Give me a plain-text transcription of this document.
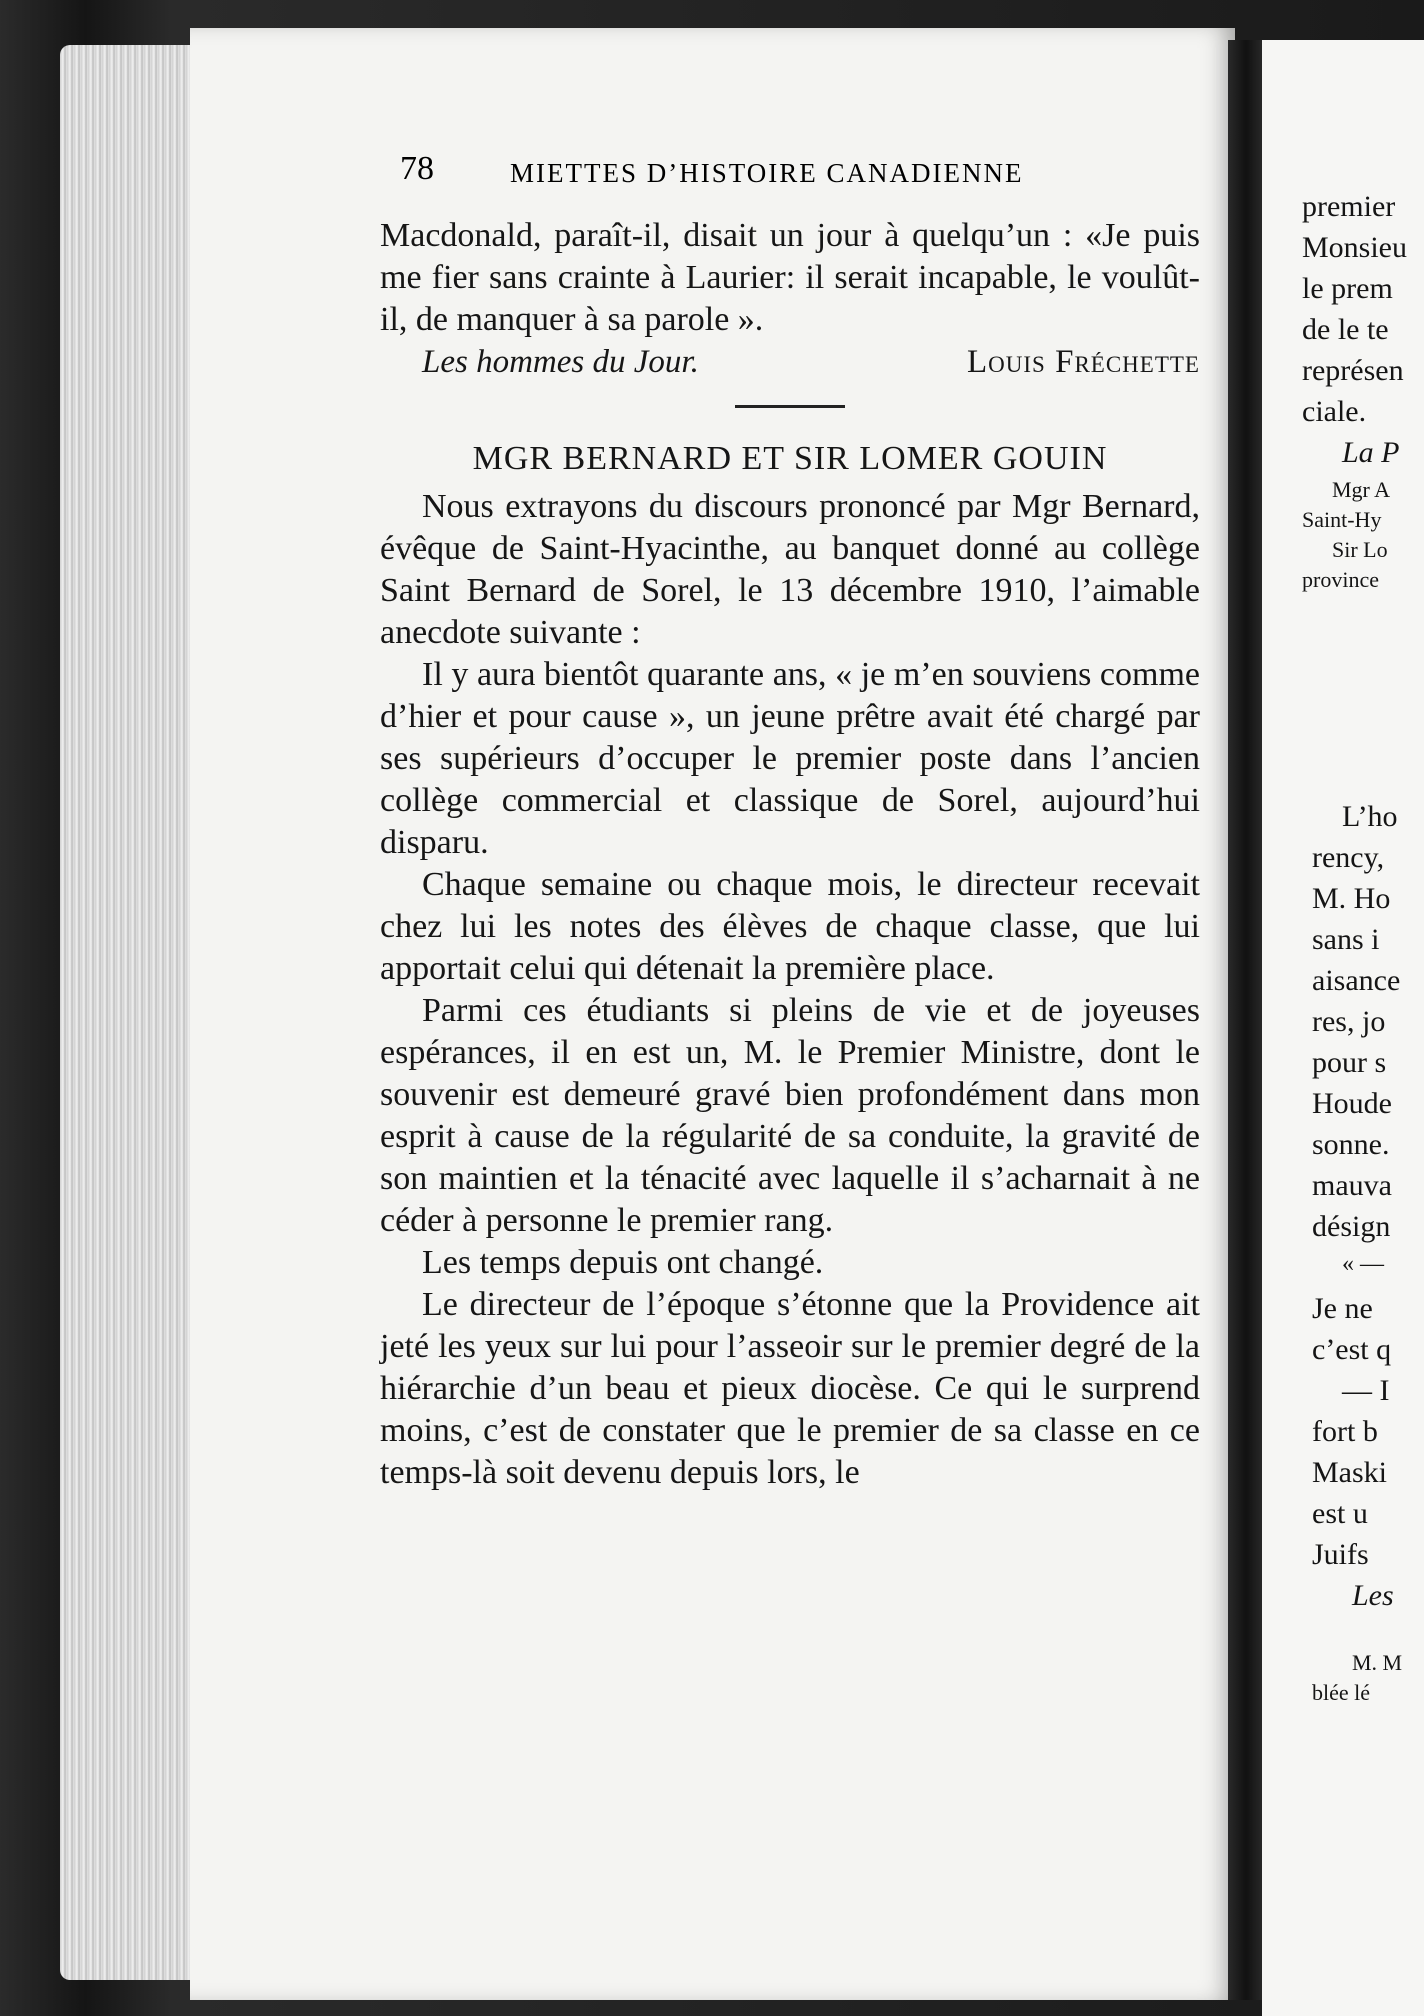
premier
Monsieu
le prem
de le te
représen
ciale.
La P
Mgr A
Saint-Hy
Sir Lo
province
L’ho
rency,
M. Ho
sans i
aisance
res, jo
pour s
Houde
sonne.
mauva
désign
« —
Je ne
c’est q
— I
fort b
Maski
est u
Juifs
Les
M. M
blée lé
78	MIETTES D’HISTOIRE CANADIENNE

Macdonald, paraît-il, disait un jour à quelqu’un : «Je puis me fier sans crainte à Laurier: il serait incapable, le voulût-il, de manquer à sa parole ».

Les hommes du Jour.	Louis Fréchette
MGR BERNARD ET SIR LOMER GOUIN

Nous extrayons du discours prononcé par Mgr Bernard, évêque de Saint-Hyacinthe, au banquet donné au collège Saint Bernard de Sorel, le 13 décembre 1910, l’aimable anecdote suivante :

Il y aura bientôt quarante ans, « je m’en souviens comme d’hier et pour cause », un jeune prêtre avait été chargé par ses supérieurs d’occuper le premier poste dans l’ancien collège commercial et classique de Sorel, aujourd’hui disparu.

Chaque semaine ou chaque mois, le directeur recevait chez lui les notes des élèves de chaque classe, que lui apportait celui qui détenait la première place.

Parmi ces étudiants si pleins de vie et de joyeuses espérances, il en est un, M. le Premier Ministre, dont le souvenir est demeuré gravé bien profondément dans mon esprit à cause de la régularité de sa conduite, la gravité de son maintien et la ténacité avec laquelle il s’acharnait à ne céder à personne le premier rang.

Les temps depuis ont changé.

Le directeur de l’époque s’étonne que la Providence ait jeté les yeux sur lui pour l’asseoir sur le premier degré de la hiérarchie d’un beau et pieux diocèse. Ce qui le surprend moins, c’est de constater que le premier de sa classe en ce temps-là soit devenu depuis lors, le
